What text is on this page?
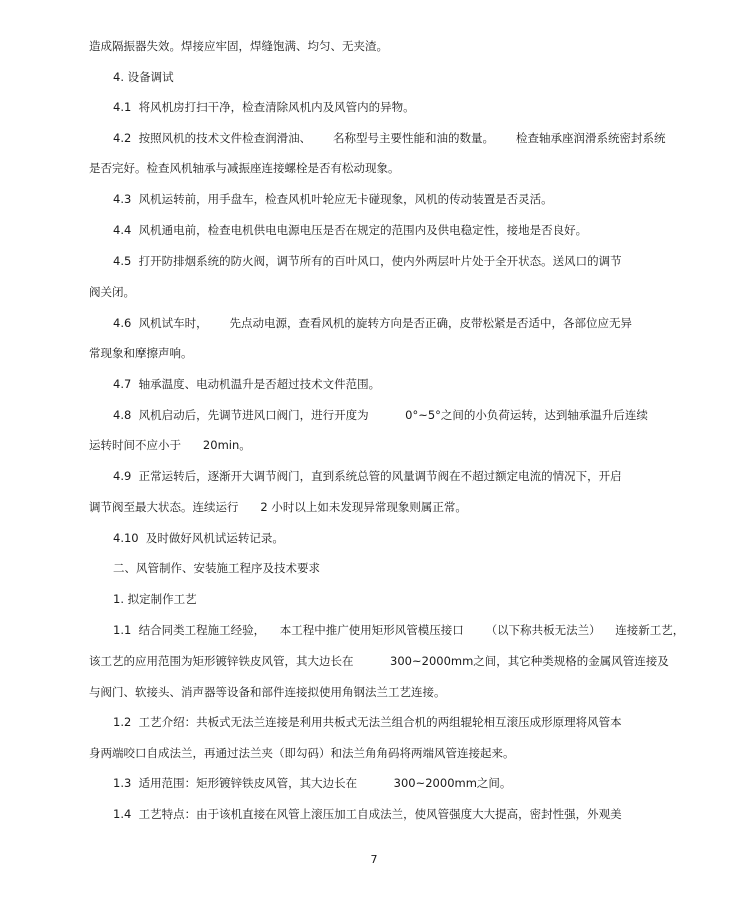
造成隔振器失效。焊接应牢固，焊缝饱满、均匀、无夹渣。
4. 设备调试
4.1  将风机房打扫干净，检查清除风机内及风管内的异物。
4.2  按照风机的技术文件检查润滑油、      名称型号主要性能和油的数量。      检查轴承座润滑系统密封系统
是否完好。检查风机轴承与减振座连接螺栓是否有松动现象。
4.3  风机运转前，用手盘车，检查风机叶轮应无卡碰现象，风机的传动装置是否灵活。
4.4  风机通电前，检查电机供电电源电压是否在规定的范围内及供电稳定性，接地是否良好。
4.5  打开防排烟系统的防火阀，调节所有的百叶风口，使内外两层叶片处于全开状态。送风口的调节
阀关闭。
4.6  风机试车时，      先点动电源，查看风机的旋转方向是否正确，皮带松紧是否适中，各部位应无异
常现象和摩擦声响。
4.7  轴承温度、电动机温升是否超过技术文件范围。
4.8  风机启动后，先调节进风口阀门，进行开度为          0°~5°之间的小负荷运转，达到轴承温升后连续
运转时间不应小于      20min。
4.9  正常运转后，逐渐开大调节阀门，直到系统总管的风量调节阀在不超过额定电流的情况下，开启
调节阀至最大状态。连续运行      2 小时以上如未发现异常现象则属正常。
4.10  及时做好风机试运转记录。
二、风管制作、安装施工程序及技术要求
1. 拟定制作工艺
1.1  结合同类工程施工经验，    本工程中推广使用矩形风管模压接口      （以下称共板无法兰）    连接新工艺，
该工艺的应用范围为矩形镀锌铁皮风管，其大边长在          300~2000mm之间，其它种类规格的金属风管连接及
与阀门、软接头、消声器等设备和部件连接拟使用角钢法兰工艺连接。
1.2  工艺介绍：共板式无法兰连接是利用共板式无法兰组合机的两组辊轮相互滚压成形原理将风管本
身两端咬口自成法兰，再通过法兰夹（即勾码）和法兰角角码将两端风管连接起来。
1.3  适用范围：矩形镀锌铁皮风管，其大边长在          300~2000mm之间。
1.4  工艺特点：由于该机直接在风管上滚压加工自成法兰，使风管强度大大提高，密封性强，外观美
7
